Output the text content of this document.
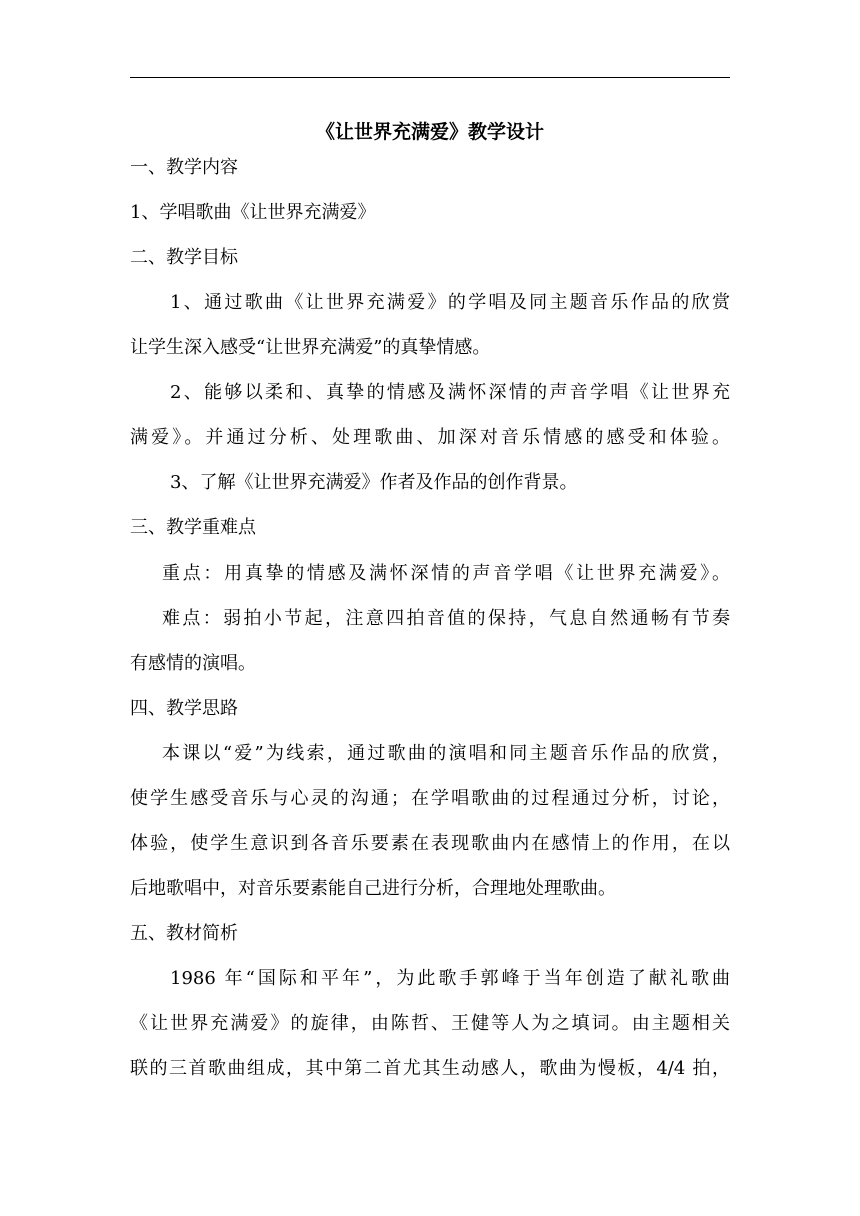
《让世界充满爱》教学设计
一、教学内容
1、学唱歌曲《让世界充满爱》
二、教学目标
1、通过歌曲《让世界充满爱》的学唱及同主题音乐作品的欣赏
让学生深入感受“让世界充满爱”的真挚情感。
2、能够以柔和、真挚的情感及满怀深情的声音学唱《让世界充
满爱》。并通过分析、处理歌曲、加深对音乐情感的感受和体验。
3、了解《让世界充满爱》作者及作品的创作背景。
三、教学重难点
重点：用真挚的情感及满怀深情的声音学唱《让世界充满爱》。
难点：弱拍小节起，注意四拍音值的保持，气息自然通畅有节奏
有感情的演唱。
四、教学思路
本课以“爱”为线索，通过歌曲的演唱和同主题音乐作品的欣赏，
使学生感受音乐与心灵的沟通；在学唱歌曲的过程通过分析，讨论，
体验，使学生意识到各音乐要素在表现歌曲内在感情上的作用，在以
后地歌唱中，对音乐要素能自己进行分析，合理地处理歌曲。
五、教材简析
1986 年“国际和平年”，为此歌手郭峰于当年创造了献礼歌曲
《让世界充满爱》的旋律，由陈哲、王健等人为之填词。由主题相关
联的三首歌曲组成，其中第二首尤其生动感人，歌曲为慢板，4/4 拍，
